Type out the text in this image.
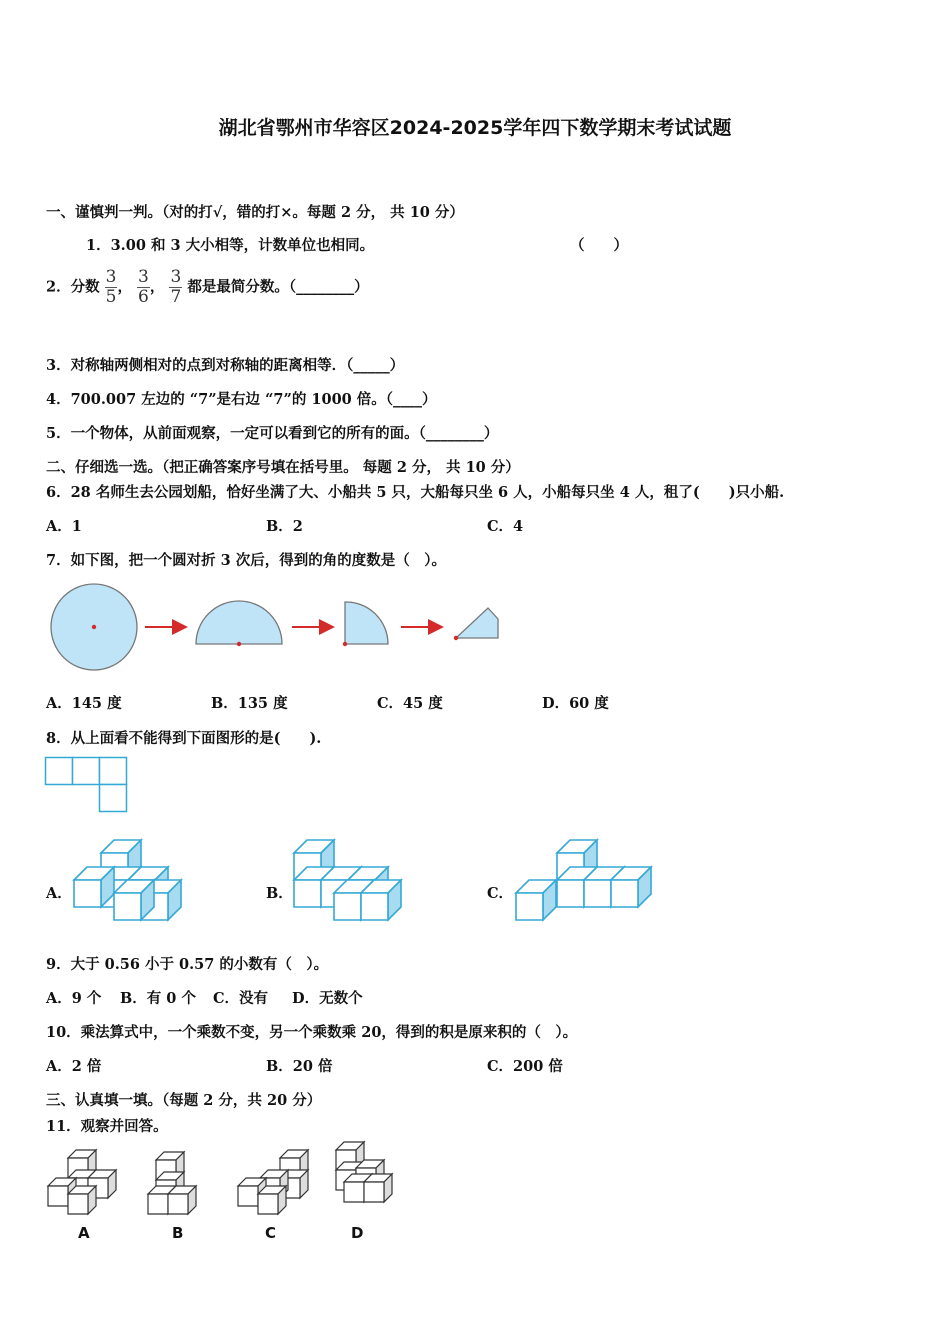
湖北省鄂州市华容区2024-2025学年四下数学期末考试试题
一、谨慎判一判。（对的打√，错的打×。每题 2 分， 共 10 分）
1．3.00 和 3 大小相等，计数单位也相同。	（　　）
2．分数 $\frac{3}{5}$ ， $\frac{3}{6}$ ， $\frac{3}{7}$ 都是最简分数。（________）
3．对称轴两侧相对的点到对称轴的距离相等．（_____）
4．700.007 左边的 “7”是右边 “7”的 1000 倍。（____）
5．一个物体，从前面观察，一定可以看到它的所有的面。（________）
二、仔细选一选。（把正确答案序号填在括号里。 每题 2 分， 共 10 分）
6．28 名师生去公园划船，恰好坐满了大、小船共 5 只，大船每只坐 6 人，小船每只坐 4 人，租了(　　)只小船.
A．1	B．2	C．4
7．如下图，把一个圆对折 3 次后，得到的角的度数是（　）。
A．145 度	B．135 度	C．45 度	D．60 度
8．从上面看不能得到下面图形的是(　　).
A．	B．	C．
9．大于 0.56 小于 0.57 的小数有（　）。
A．9 个 B．有 0 个 C．没有 D．无数个
10．乘法算式中，一个乘数不变，另一个乘数乘 20，得到的积是原来积的（　）。
A．2 倍	B．20 倍	C．200 倍
三、认真填一填。（每题 2 分，共 20 分）
11．观察并回答。
A	B	C	D
